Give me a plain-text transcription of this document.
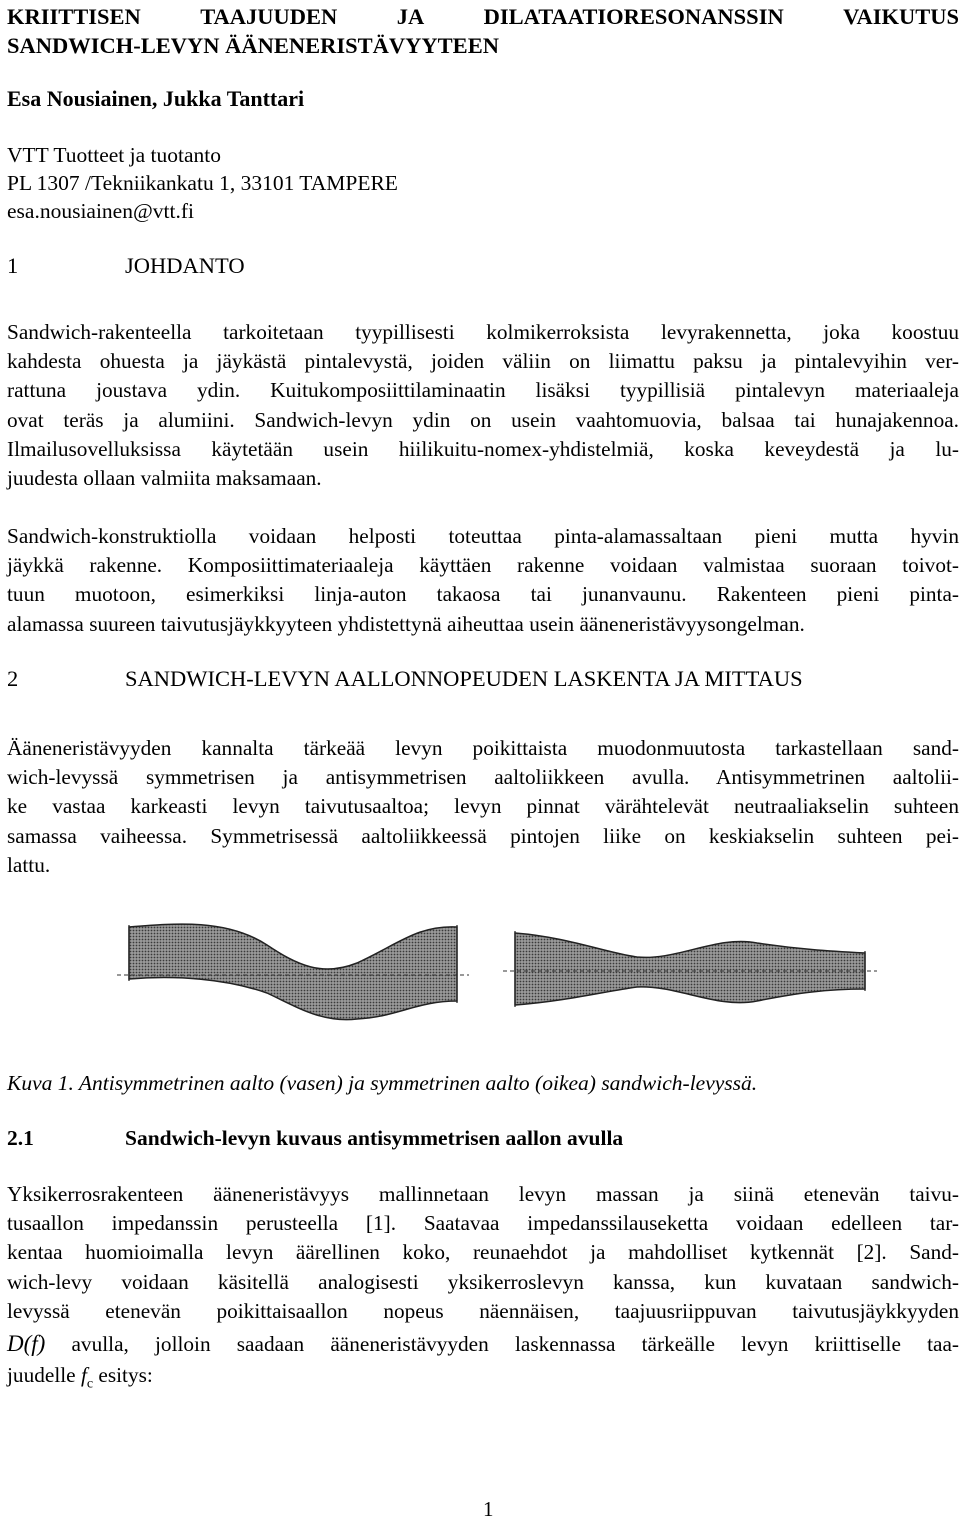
KRIITTISEN	TAAJUUDEN	JA	DILATAATIORESONANSSIN	VAIKUTUS
SANDWICH-LEVYN ÄÄNENERISTÄVYYTEEN
Esa Nousiainen, Jukka Tanttari
VTT Tuotteet ja tuotanto
PL 1307 /Tekniikankatu 1, 33101 TAMPERE
esa.nousiainen@vtt.fi
1	JOHDANTO
Sandwich-rakenteella tarkoitetaan tyypillisesti kolmikerroksista levyrakennetta, joka koostuu
kahdesta ohuesta ja jäykästä pintalevystä, joiden väliin on liimattu paksu ja pintalevyihin ver-
rattuna joustava ydin. Kuitukomposiittilaminaatin lisäksi tyypillisiä pintalevyn materiaaleja
ovat teräs ja alumiini. Sandwich-levyn ydin on usein vaahtomuovia, balsaa tai hunajakennoa.
Ilmailusovelluksissa käytetään usein hiilikuitu-nomex-yhdistelmiä, koska keveydestä ja lu-
juudesta ollaan valmiita maksamaan.
Sandwich-konstruktiolla voidaan helposti toteuttaa pinta-alamassaltaan pieni mutta hyvin
jäykkä rakenne. Komposiittimateriaaleja käyttäen rakenne voidaan valmistaa suoraan toivot-
tuun muotoon, esimerkiksi linja-auton takaosa tai junanvaunu. Rakenteen pieni pinta-
alamassa suureen taivutusjäykkyyteen yhdistettynä aiheuttaa usein ääneneristävyysongelman.
2	SANDWICH-LEVYN AALLONNOPEUDEN LASKENTA JA MITTAUS
Ääneneristävyyden kannalta tärkeää levyn poikittaista muodonmuutosta tarkastellaan sand-
wich-levyssä symmetrisen ja antisymmetrisen aaltoliikkeen avulla. Antisymmetrinen aaltolii-
ke vastaa karkeasti levyn taivutusaaltoa; levyn pinnat värähtelevät neutraaliakselin suhteen
samassa vaiheessa. Symmetrisessä aaltoliikkeessä pintojen liike on keskiakselin suhteen pei-
lattu.
Kuva 1. Antisymmetrinen aalto (vasen) ja symmetrinen aalto (oikea) sandwich-levyssä.
2.1	Sandwich-levyn kuvaus antisymmetrisen aallon avulla
Yksikerrosrakenteen ääneneristävyys mallinnetaan levyn massan ja siinä etenevän taivu-
tusaallon impedanssin perusteella [1]. Saatavaa impedanssilauseketta voidaan edelleen tar-
kentaa huomioimalla levyn äärellinen koko, reunaehdot ja mahdolliset kytkennät [2]. Sand-
wich-levy voidaan käsitellä analogisesti yksikerroslevyn kanssa, kun kuvataan sandwich-
levyssä etenevän poikittaisaallon nopeus näennäisen, taajuusriippuvan taivutusjäykkyyden
D(f) avulla, jolloin saadaan ääneneristävyyden laskennassa tärkeälle levyn kriittiselle taa-
juudelle $f_c$ esitys:
1
